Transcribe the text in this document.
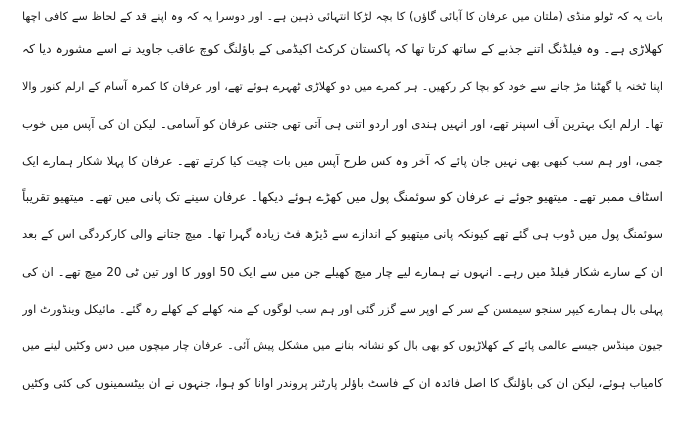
بات یہ کہ ٹولو منڈی (ملتان میں عرفان کا آبائی گاؤں) کا بچہ لڑکا انتہائی ذہین ہے۔ اور دوسرا یہ کہ وہ اپنے قد کے لحاظ سے کافی اچھا
کھلاڑی ہے۔ وہ فیلڈنگ اتنے جذبے کے ساتھ کرتا تھا کہ پاکستان کرکٹ اکیڈمی کے باؤلنگ کوچ عاقب جاوید نے اسے مشورہ دیا کہ
اپنا ٹخنہ یا گھٹنا مڑ جانے سے خود کو بچا کر رکھیں۔ ہر کمرے میں دو کھلاڑی ٹھہرے ہوئے تھے، اور عرفان کا کمرہ آسام کے ارلم کنور والا
تھا۔ ارلم ایک بہترین آف اسپنر تھے، اور انہیں ہندی اور اردو اتنی ہی آتی تھی جتنی عرفان کو آسامی۔ لیکن ان کی آپس میں خوب
جمی، اور ہم سب کبھی بھی نہیں جان پائے کہ آخر وہ کس طرح آپس میں بات چیت کیا کرتے تھے۔ عرفان کا پہلا شکار ہمارے ایک
اسٹاف ممبر تھے۔ میتھیو جوئے نے عرفان کو سوئمنگ پول میں کھڑے ہوئے دیکھا۔ عرفان سینے تک پانی میں تھے۔ میتھیو تقریباً
سوئمنگ پول میں ڈوب ہی گئے تھے کیونکہ پانی میتھیو کے اندازے سے ڈیڑھ فٹ زیادہ گہرا تھا۔ میچ جتانے والی کارکردگی اس کے بعد
ان کے سارے شکار فیلڈ میں رہے۔ انہوں نے ہمارے لیے چار میچ کھیلے جن میں سے ایک 50 اوور کا اور تین ٹی 20 میچ تھے۔ ان کی
پہلی بال ہمارے کیپر سنجو سیمسن کے سر کے اوپر سے گزر گئی اور ہم سب لوگوں کے منہ کھلے کے کھلے رہ گئے۔ مائیکل وینڈورٹ اور
جیون مینڈس جیسے عالمی پائے کے کھلاڑیوں کو بھی بال کو نشانہ بنانے میں مشکل پیش آئی۔ عرفان چار میچوں میں دس وکٹیں لینے میں
کامیاب ہوئے، لیکن ان کی باؤلنگ کا اصل فائدہ ان کے فاسٹ باؤلر پارٹنر پروندر اوانا کو ہوا، جنہوں نے ان بیٹسمینوں کی کئی وکٹیں
